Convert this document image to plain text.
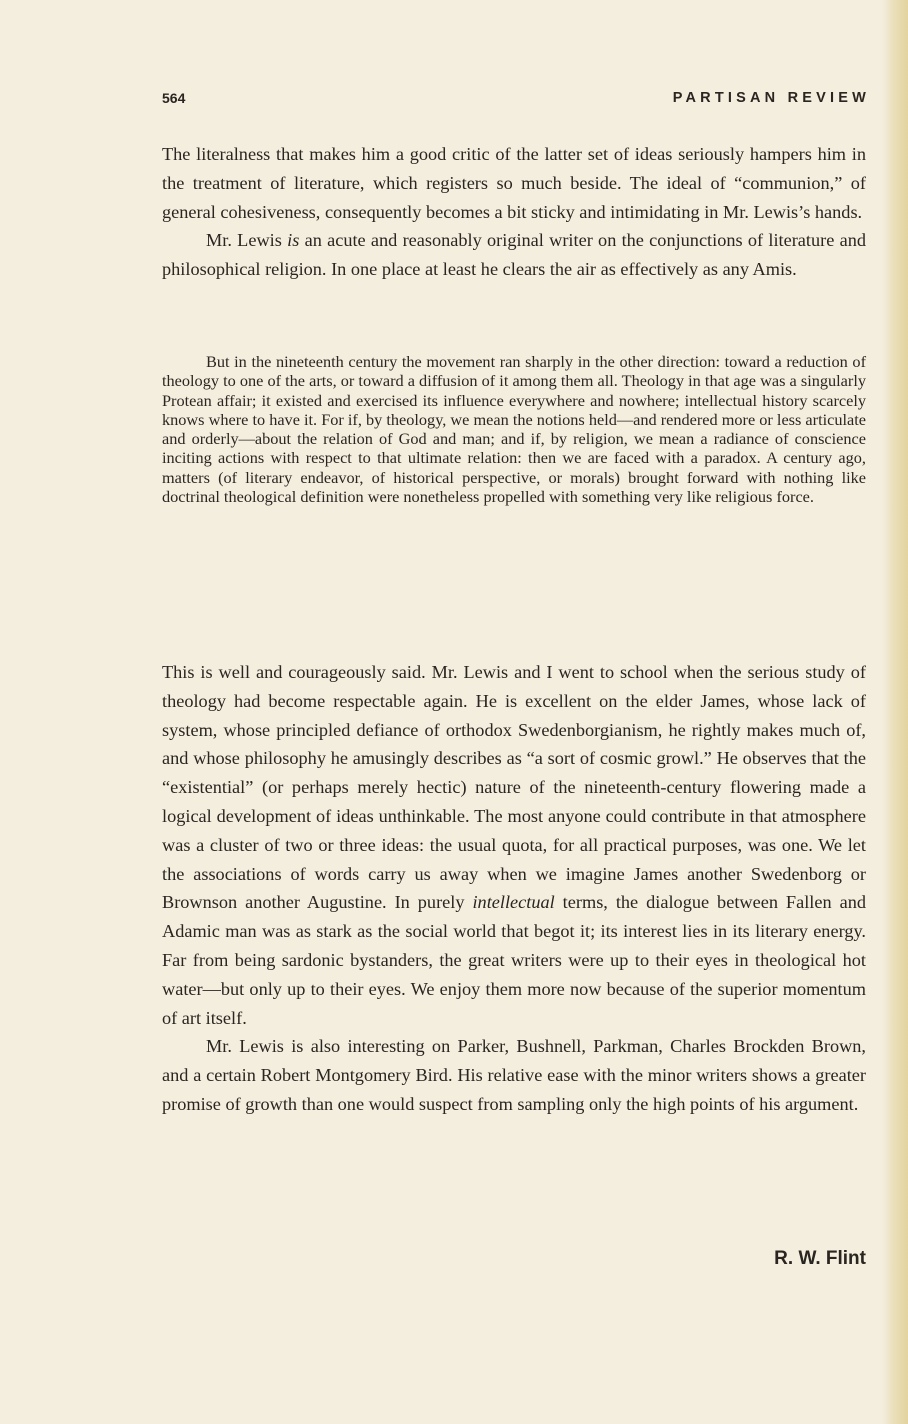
564	PARTISAN REVIEW

The literalness that makes him a good critic of the latter set of ideas seriously hampers him in the treatment of literature, which registers so much beside. The ideal of “communion,” of general cohesiveness, consequently becomes a bit sticky and intimidating in Mr. Lewis’s hands.

Mr. Lewis is an acute and reasonably original writer on the conjunctions of literature and philosophical religion. In one place at least he clears the air as effectively as any Amis.

But in the nineteenth century the movement ran sharply in the other direction: toward a reduction of theology to one of the arts, or toward a diffusion of it among them all. Theology in that age was a singularly Protean affair; it existed and exercised its influence everywhere and nowhere; intellectual history scarcely knows where to have it. For if, by theology, we mean the notions held—and rendered more or less articulate and orderly—about the relation of God and man; and if, by religion, we mean a radiance of conscience inciting actions with respect to that ultimate relation: then we are faced with a paradox. A century ago, matters (of literary endeavor, of historical perspective, or morals) brought forward with nothing like doctrinal theological definition were nonetheless propelled with something very like religious force.

This is well and courageously said. Mr. Lewis and I went to school when the serious study of theology had become respectable again. He is excellent on the elder James, whose lack of system, whose principled defiance of orthodox Swedenborgianism, he rightly makes much of, and whose philosophy he amusingly describes as “a sort of cosmic growl.” He observes that the “existential” (or perhaps merely hectic) nature of the nineteenth-century flowering made a logical development of ideas unthinkable. The most anyone could contribute in that atmosphere was a cluster of two or three ideas: the usual quota, for all practical purposes, was one. We let the associations of words carry us away when we imagine James another Swedenborg or Brownson another Augustine. In purely intellectual terms, the dialogue between Fallen and Adamic man was as stark as the social world that begot it; its interest lies in its literary energy. Far from being sardonic bystanders, the great writers were up to their eyes in theological hot water—but only up to their eyes. We enjoy them more now because of the superior momentum of art itself.

Mr. Lewis is also interesting on Parker, Bushnell, Parkman, Charles Brockden Brown, and a certain Robert Montgomery Bird. His relative ease with the minor writers shows a greater promise of growth than one would suspect from sampling only the high points of his argument.

R. W. Flint
